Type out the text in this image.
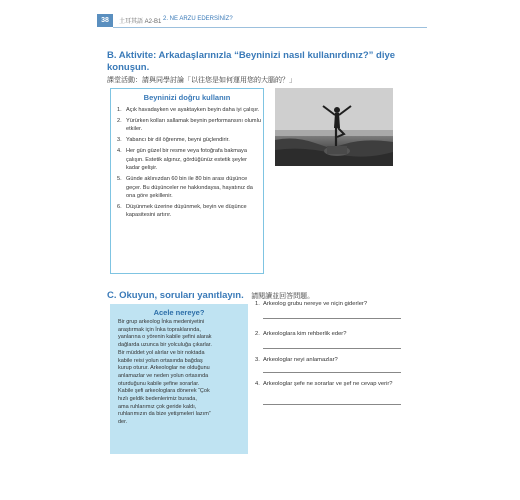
38	土耳其語 A2-B1 2. NE ARZU EDERSİNİZ?
B. Aktivite: Arkadaşlarınızla “Beyninizi nasıl kullanırdınız?” diye
konuşun.
課堂活動：請與同學討論「以往您是如何運用您的大腦的？」
Beyninizi doğru kullanın
1. Açık havadayken ve ayaktayken beyin daha iyi çalışır.
2. Yürürken kolları sallamak beynin performansını olumlu etkiler.
3. Yabancı bir dil öğrenme, beyni güçlendirir.
4. Her gün güzel bir resme veya fotoğrafa bakmaya çalışın. Estetik algınız, gördüğünüz estetik şeyler kadar gelişir.
5. Günde aklınızdan 60 bin ile 80 bin arası düşünce geçer. Bu düşünceler ne hakkındaysa, hayatınız da ona göre şekillenir.
6. Düşünmek üzerine düşünmek, beyin ve düşünce kapasitesini artırır.
C. Okuyun, soruları yanıtlayın. 請閱讀並回答問題。
Acele nereye?
Bir grup arkeolog İnka medeniyetini
araştırmak için İnka topraklarında,
yanlarına o yörenin kabile şefini alarak
dağlarda uzunca bir yolculuğa çıkarlar.
Bir müddet yol alırlar ve bir noktada
kabile reisi yolun ortasında bağdaş
kurup oturur. Arkeologlar ne olduğunu
anlamazlar ve neden yolun ortasında
oturduğunu kabile şefine sorarlar.
Kabile şefi arkeologlara dönerek “Çok
hızlı geldik bedenlerimiz burada,
ama ruhlarımız çok geride kaldı,
ruhlarımızın da bize yetişmeleri lazım”
der.
1. Arkeolog grubu nereye ve niçin giderler?
2. Arkeologlara kim rehberlik eder?
3. Arkeologlar neyi anlamazlar?
4. Arkeologlar şefe ne sorarlar ve şef ne cevap verir?
